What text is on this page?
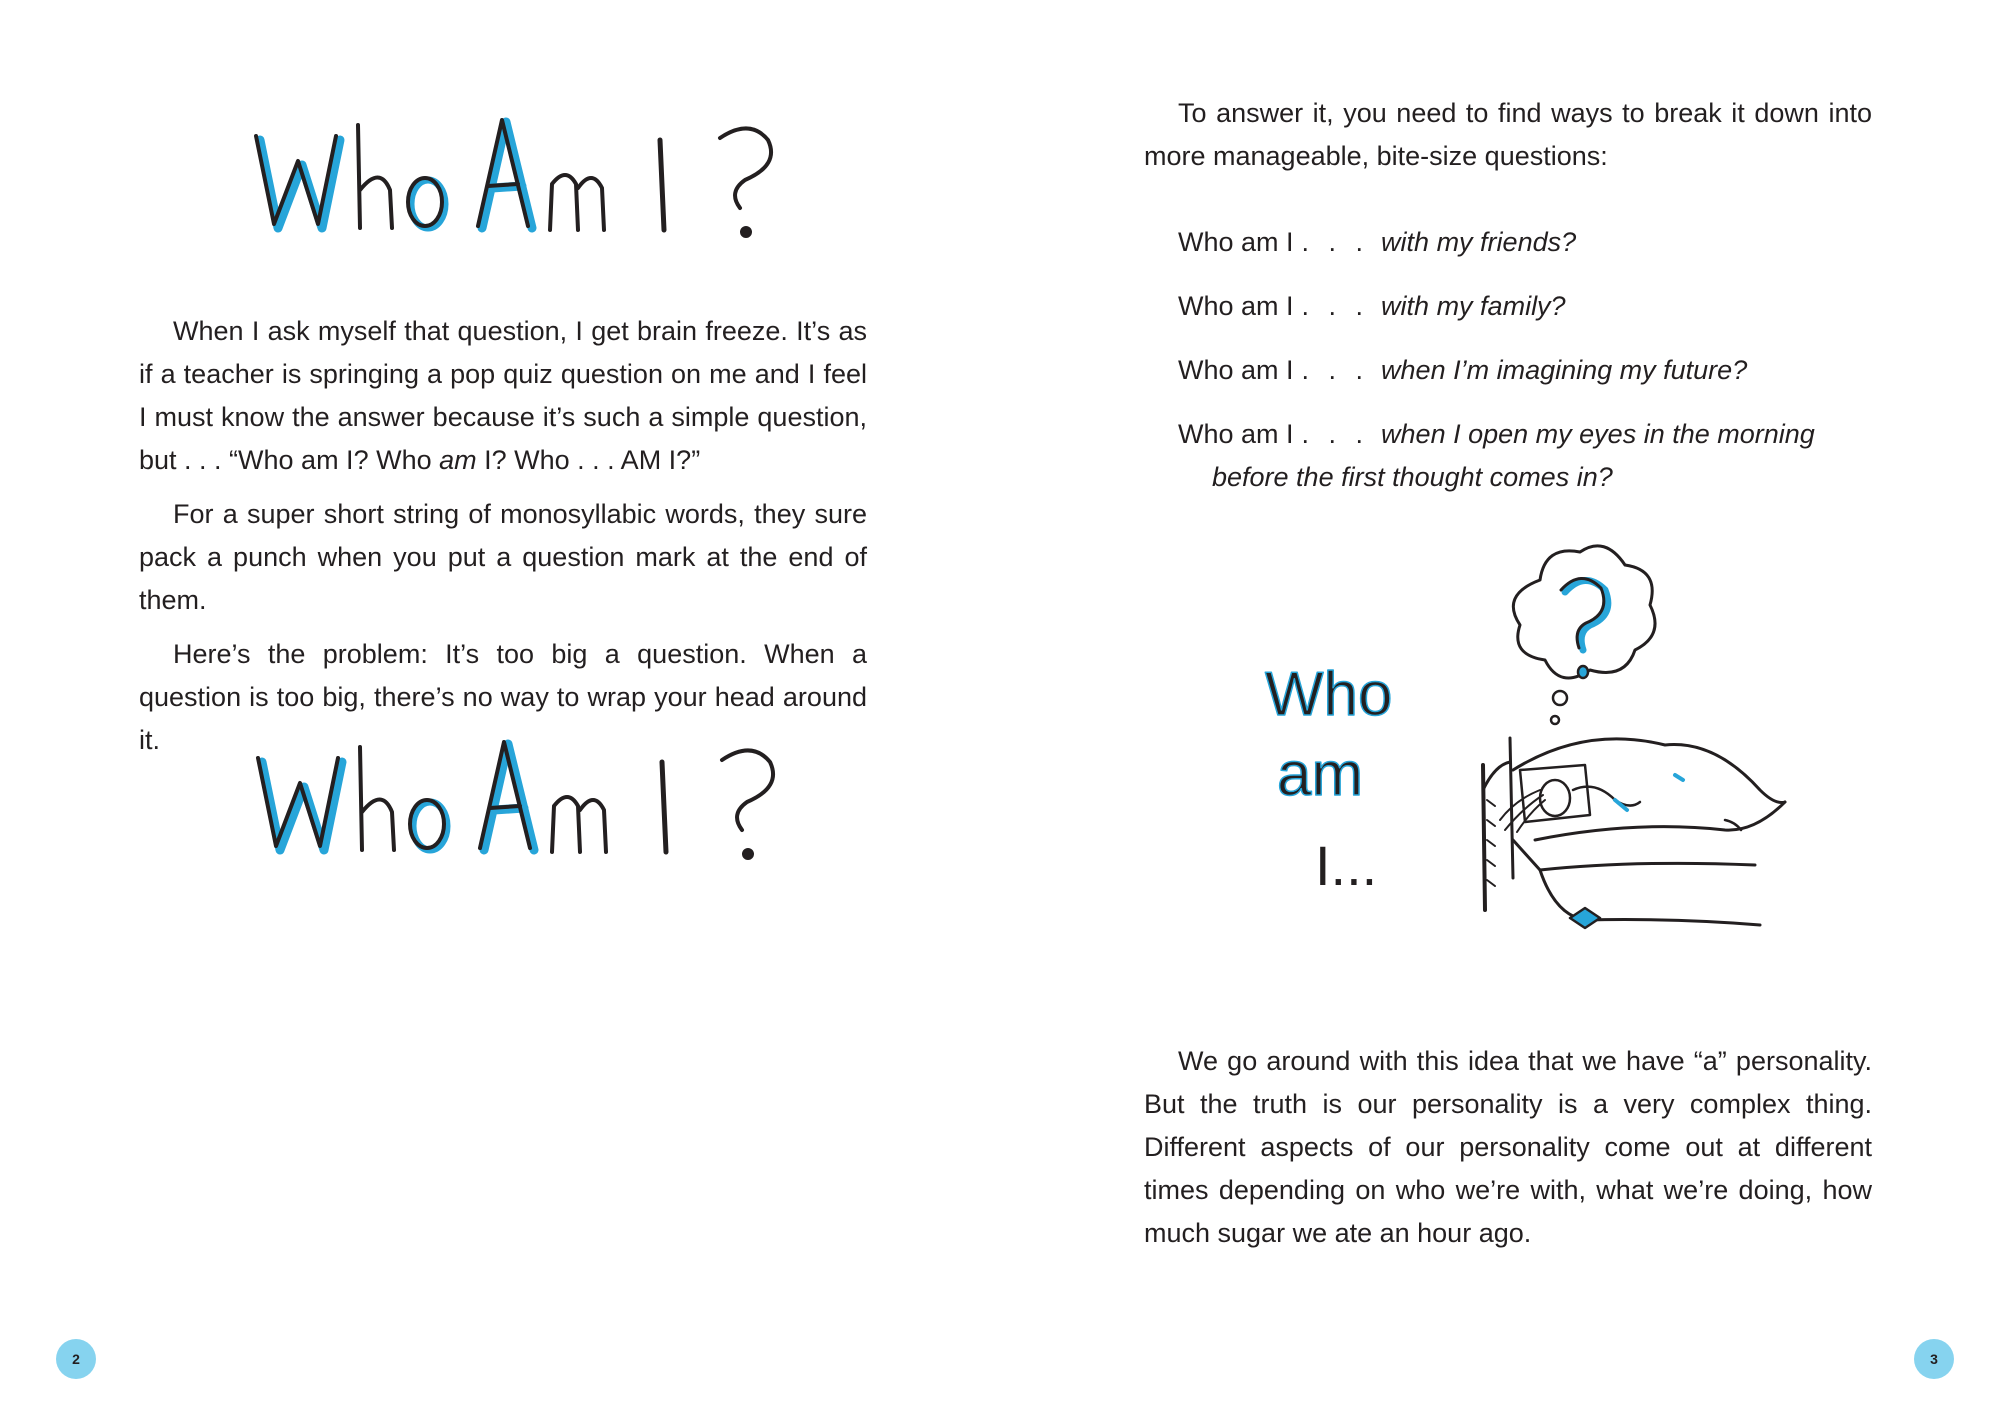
When I ask myself that question, I get brain freeze. It’s as if a teacher is springing a pop quiz question on me and I feel I must know the answer because it’s such a simple question, but . . . “Who am I? Who am I? Who . . . AM I?”

For a super short string of monosyllabic words, they sure pack a punch when you put a question mark at the end of them.

Here’s the problem: It’s too big a question. When a question is too big, there’s no way to wrap your head around it.

2

To answer it, you need to find ways to break it down into more manageable, bite-size questions:

Who am I . . . with my friends?

Who am I . . . with my family?

Who am I . . . when I’m imagining my future?

Who am I . . . when I open my eyes in the morning
before the first thought comes in?

Who
am
I...

We go around with this idea that we have “a” personality. But the truth is our personality is a very complex thing. Different aspects of our personality come out at different times depending on who we’re with, what we’re doing, how much sugar we ate an hour ago.

3
